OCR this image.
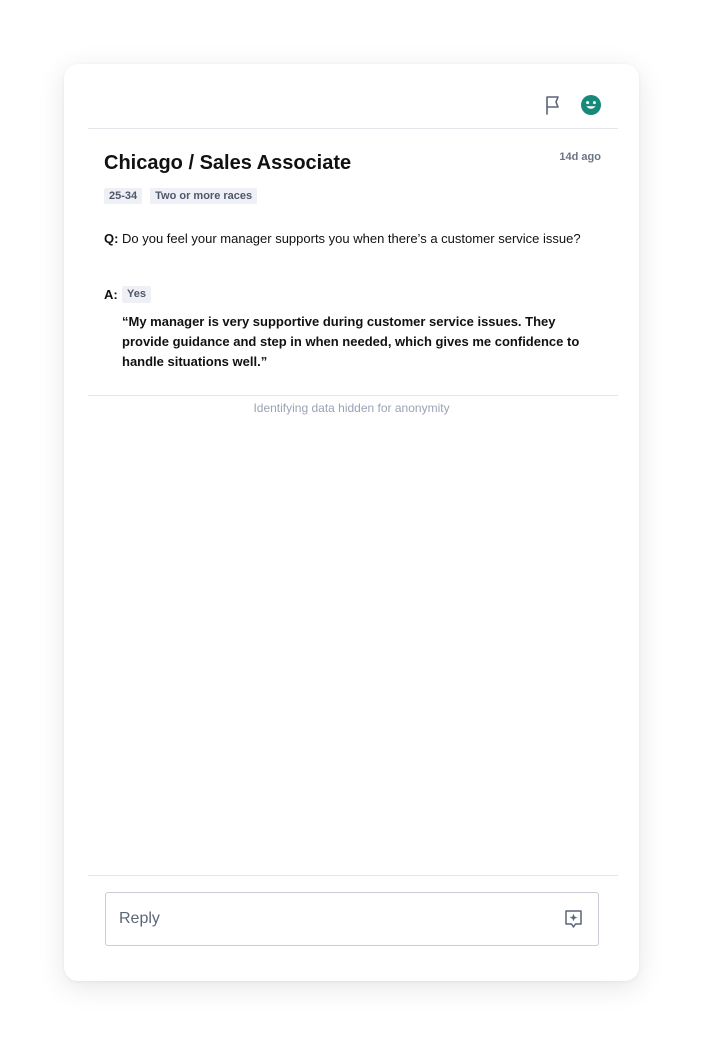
Chicago / Sales Associate	14d ago
25-34	Two or more races
Q: Do you feel your manager supports you when there’s a customer service issue?
A: Yes
“My manager is very supportive during customer service issues. They provide guidance and step in when needed, which gives me confidence to handle situations well.”
Identifying data hidden for anonymity
Reply
